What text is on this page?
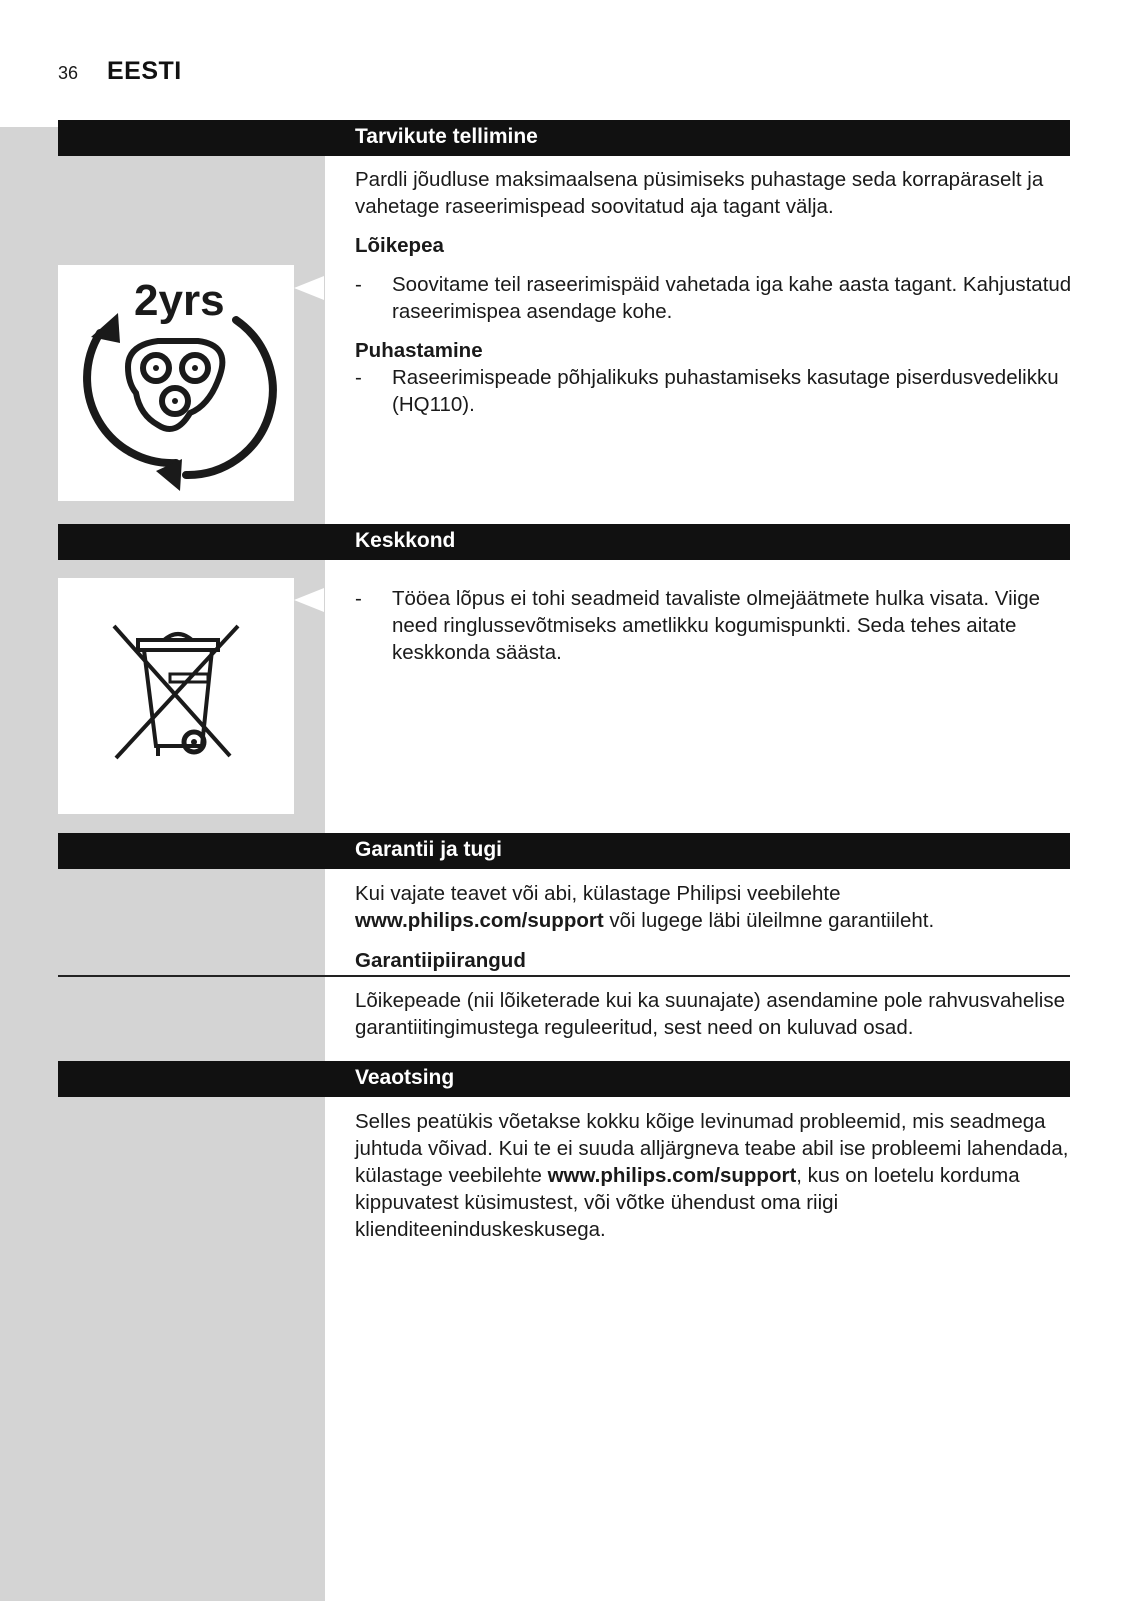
36 EESTI
Tarvikute tellimine

Pardli jõudluse maksimaalsena püsimiseks puhastage seda korrapäraselt ja vahetage raseerimispead soovitatud aja tagant välja.

Lõikepea

- Soovitame teil raseerimispäid vahetada iga kahe aasta tagant. Kahjustatud raseerimispea asendage kohe.

Puhastamine

- Raseerimispeade põhjalikuks puhastamiseks kasutage piserdusvedelikku (HQ110).

2yrs
Keskkond

- Tööea lõpus ei tohi seadmeid tavaliste olmejäätmete hulka visata. Viige need ringlussevõtmiseks ametlikku kogumispunkti. Seda tehes aitate keskkonda säästa.

Garantii ja tugi

Kui vajate teavet või abi, külastage Philipsi veebilehte www.philips.com/support või lugege läbi üleilmne garantiileht.

Garantiipiirangud

Lõikepeade (nii lõiketerade kui ka suunajate) asendamine pole rahvusvahelise garantiitingimustega reguleeritud, sest need on kuluvad osad.

Veaotsing

Selles peatükis võetakse kokku kõige levinumad probleemid, mis seadmega juhtuda võivad. Kui te ei suuda alljärgneva teabe abil ise probleemi lahendada, külastage veebilehte www.philips.com/support, kus on loetelu korduma kippuvatest küsimustest, või võtke ühendust oma riigi klienditeeninduskeskusega.
